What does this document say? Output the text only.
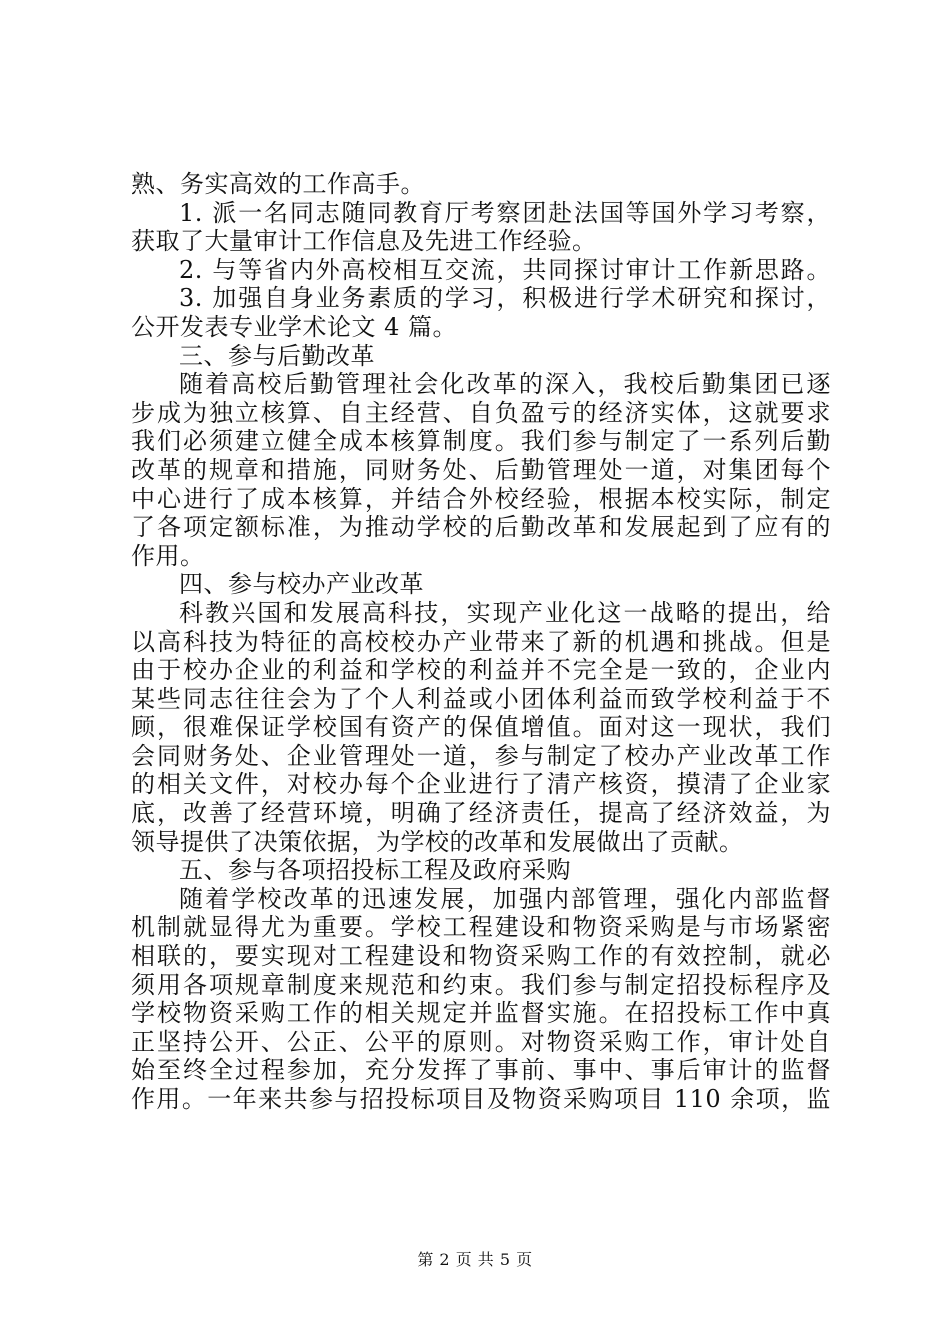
熟、务实高效的工作高手。
1. 派一名同志随同教育厅考察团赴法国等国外学习考察，
获取了大量审计工作信息及先进工作经验。
2. 与等省内外高校相互交流，共同探讨审计工作新思路。
3. 加强自身业务素质的学习，积极进行学术研究和探讨，
公开发表专业学术论文 4 篇。
三、参与后勤改革
随着高校后勤管理社会化改革的深入，我校后勤集团已逐
步成为独立核算、自主经营、自负盈亏的经济实体，这就要求
我们必须建立健全成本核算制度。我们参与制定了一系列后勤
改革的规章和措施，同财务处、后勤管理处一道，对集团每个
中心进行了成本核算，并结合外校经验，根据本校实际，制定
了各项定额标准，为推动学校的后勤改革和发展起到了应有的
作用。
四、参与校办产业改革
科教兴国和发展高科技，实现产业化这一战略的提出，给
以高科技为特征的高校校办产业带来了新的机遇和挑战。但是
由于校办企业的利益和学校的利益并不完全是一致的，企业内
某些同志往往会为了个人利益或小团体利益而致学校利益于不
顾，很难保证学校国有资产的保值增值。面对这一现状，我们
会同财务处、企业管理处一道，参与制定了校办产业改革工作
的相关文件，对校办每个企业进行了清产核资，摸清了企业家
底，改善了经营环境，明确了经济责任，提高了经济效益，为
领导提供了决策依据，为学校的改革和发展做出了贡献。
五、参与各项招投标工程及政府采购
随着学校改革的迅速发展，加强内部管理，强化内部监督
机制就显得尤为重要。学校工程建设和物资采购是与市场紧密
相联的，要实现对工程建设和物资采购工作的有效控制，就必
须用各项规章制度来规范和约束。我们参与制定招投标程序及
学校物资采购工作的相关规定并监督实施。在招投标工作中真
正坚持公开、公正、公平的原则。对物资采购工作，审计处自
始至终全过程参加，充分发挥了事前、事中、事后审计的监督
作用。一年来共参与招投标项目及物资采购项目 110 余项，监
第 2 页 共 5 页
